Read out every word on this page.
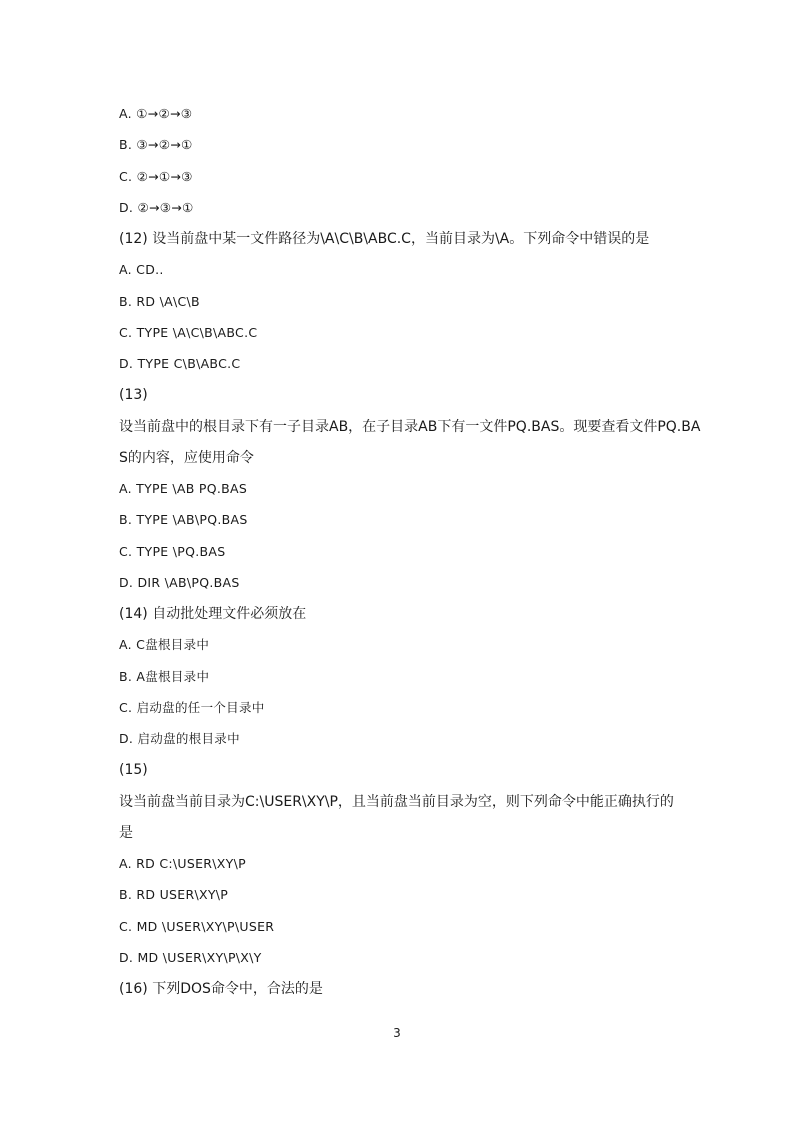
A. ①→②→③
B. ③→②→①
C. ②→①→③
D. ②→③→①
(12) 设当前盘中某一文件路径为\A\C\B\ABC.C，当前目录为\A。下列命令中错误的是
A. CD..
B. RD \A\C\B
C. TYPE \A\C\B\ABC.C
D. TYPE C\B\ABC.C
(13)
设当前盘中的根目录下有一子目录AB，在子目录AB下有一文件PQ.BAS。现要查看文件PQ.BA
S的内容，应使用命令
A. TYPE \AB PQ.BAS
B. TYPE \AB\PQ.BAS
C. TYPE \PQ.BAS
D. DIR \AB\PQ.BAS
(14) 自动批处理文件必须放在
A. C盘根目录中
B. A盘根目录中
C. 启动盘的任一个目录中
D. 启动盘的根目录中
(15)
设当前盘当前目录为C:\USER\XY\P，且当前盘当前目录为空，则下列命令中能正确执行的
是
A. RD C:\USER\XY\P
B. RD USER\XY\P
C. MD \USER\XY\P\USER
D. MD \USER\XY\P\X\Y
(16) 下列DOS命令中，合法的是
3
